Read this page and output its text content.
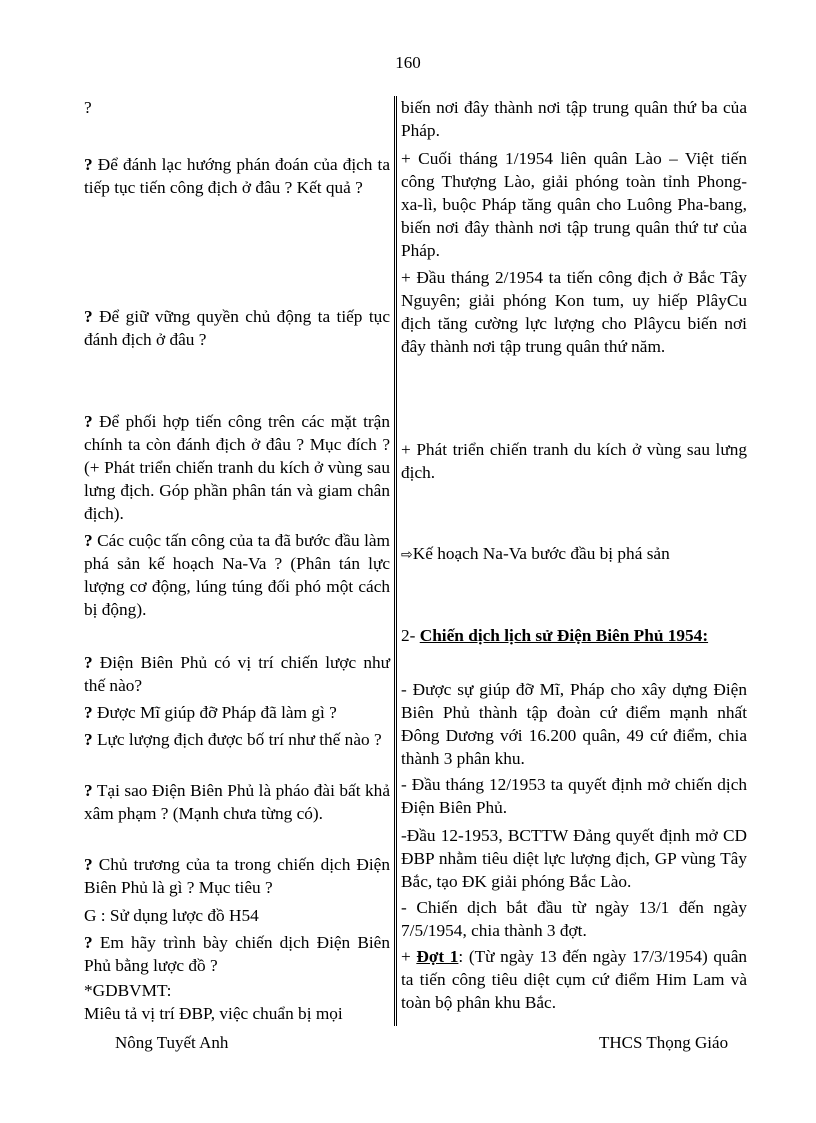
160
?
? Để đánh lạc hướng phán đoán của địch ta tiếp tục tiến công địch ở đâu ? Kết quả ?
? Để giữ vững quyền chủ động ta tiếp tục đánh địch ở đâu ?
? Để phối hợp tiến công trên các mặt trận chính ta còn đánh địch ở đâu ? Mục đích ? (+ Phát triển chiến tranh du kích ở vùng sau lưng địch. Góp phần phân tán và giam chân địch).
? Các cuộc tấn công của ta đã bước đầu làm phá sản kế hoạch Na-Va ? (Phân tán lực lượng cơ động, lúng túng đối phó một cách bị động).
? Điện Biên Phủ có vị trí chiến lược như thế nào?
? Được Mĩ giúp đỡ Pháp đã làm gì ?
? Lực lượng địch được bố trí như thế nào ?
? Tại sao Điện Biên Phủ là pháo đài bất khả xâm phạm ? (Mạnh chưa từng có).
? Chủ trương của ta trong chiến dịch Điện Biên Phủ là gì ? Mục tiêu ?
G : Sử dụng lược đồ H54
? Em hãy trình bày chiến dịch Điện Biên Phủ bằng lược đồ ?
*GDBVMT:
Miêu tả vị trí ĐBP, việc chuẩn bị mọi
biến nơi đây thành nơi tập trung quân thứ ba của Pháp.
+ Cuối tháng 1/1954 liên quân Lào – Việt tiến công Thượng Lào, giải phóng toàn tỉnh Phong-xa-lì, buộc Pháp tăng quân cho Luông Pha-bang, biến nơi đây thành nơi tập trung quân thứ tư của Pháp.
+ Đầu tháng 2/1954 ta tiến công địch ở Bắc Tây Nguyên; giải phóng Kon tum, uy hiếp PlâyCu địch tăng cường lực lượng cho Plâycu biến nơi đây thành nơi tập trung quân thứ năm.
+ Phát triển chiến tranh du kích ở vùng sau lưng địch.
⇨Kế hoạch Na-Va bước đầu bị phá sản
2- Chiến dịch lịch sử Điện Biên Phủ 1954:
- Được sự giúp đỡ Mĩ, Pháp cho xây dựng Điện Biên Phủ thành tập đoàn cứ điểm mạnh nhất Đông Dương với 16.200 quân, 49 cứ điểm, chia thành 3 phân khu.
- Đầu tháng 12/1953 ta quyết định mở chiến dịch Điện Biên Phủ.
-Đầu 12-1953, BCTTW Đảng quyết định mở CD ĐBP nhằm tiêu diệt lực lượng địch, GP vùng Tây Bắc, tạo ĐK giải phóng Bắc Lào.
- Chiến dịch bắt đầu từ ngày 13/1 đến ngày 7/5/1954, chia thành 3 đợt.
+ Đợt 1: (Từ ngày 13 đến ngày 17/3/1954) quân ta tiến công tiêu diệt cụm cứ điểm Him Lam và toàn bộ phân khu Bắc.
Nông Tuyết Anh	THCS Thọng Giáo
